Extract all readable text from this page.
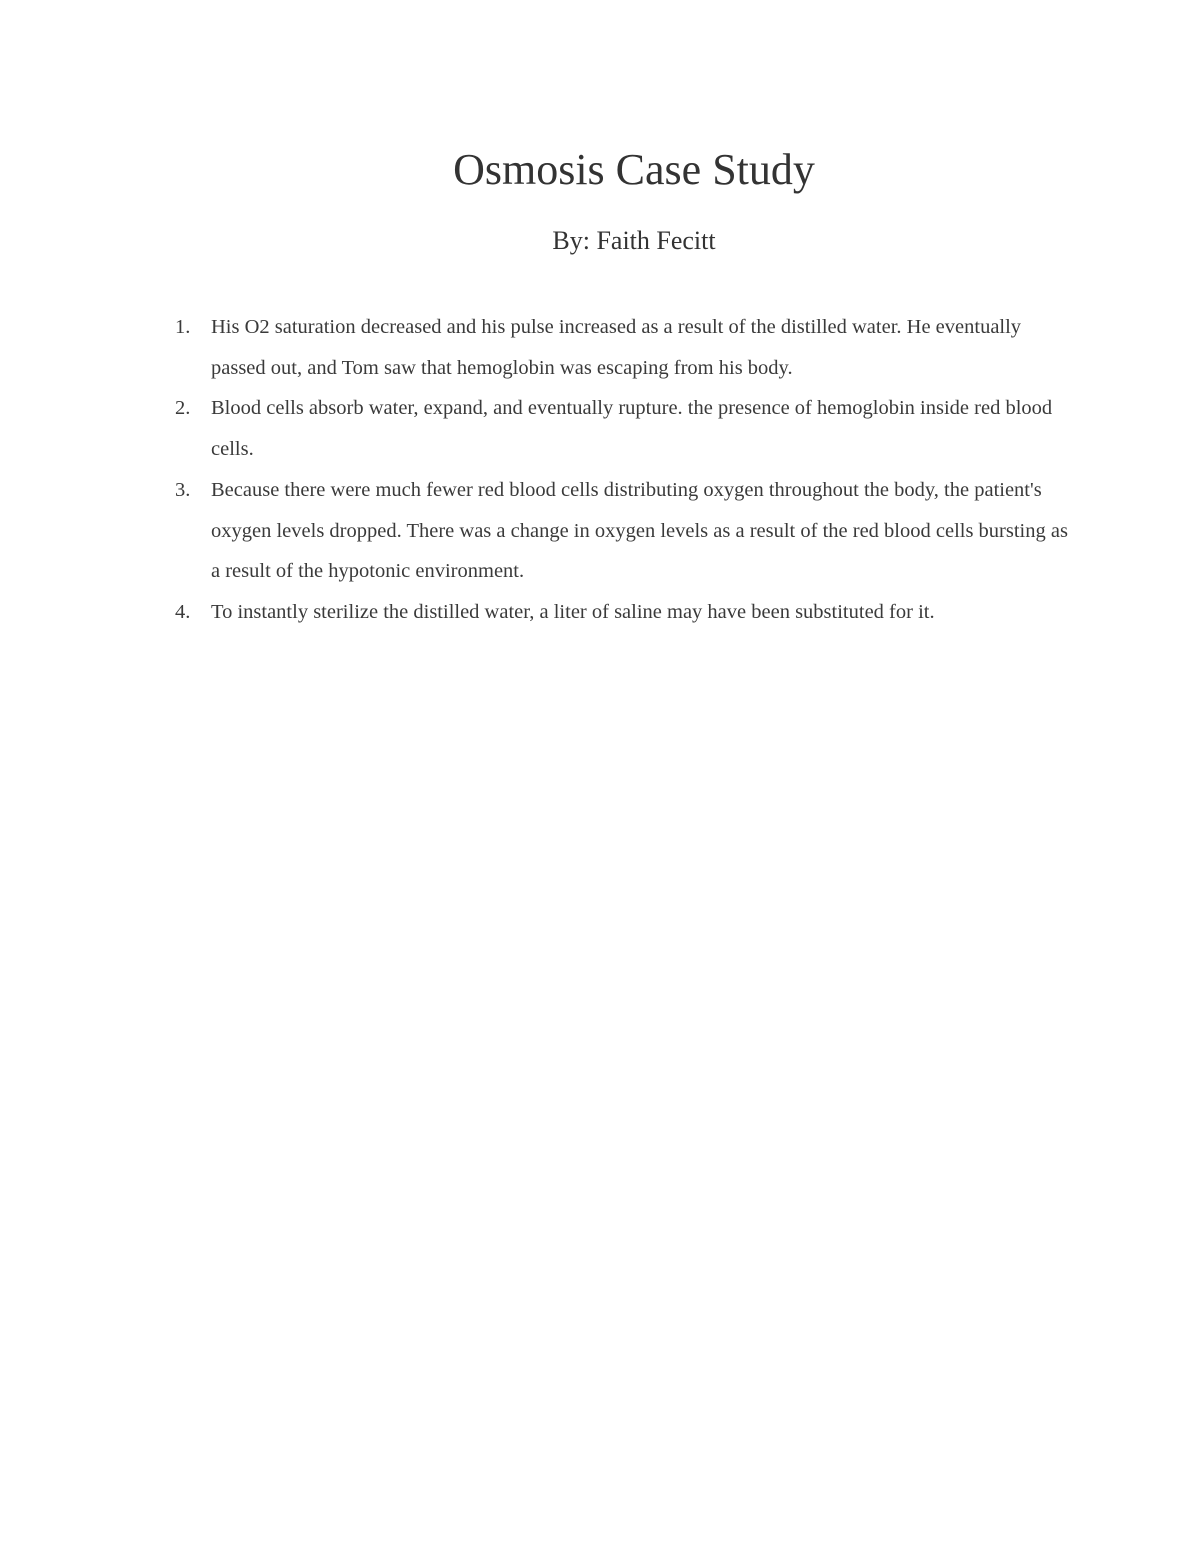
Osmosis Case Study
By: Faith Fecitt
1. His O2 saturation decreased and his pulse increased as a result of the distilled water. He eventually passed out, and Tom saw that hemoglobin was escaping from his body.
2. Blood cells absorb water, expand, and eventually rupture. the presence of hemoglobin inside red blood cells.
3. Because there were much fewer red blood cells distributing oxygen throughout the body, the patient's oxygen levels dropped. There was a change in oxygen levels as a result of the red blood cells bursting as a result of the hypotonic environment.
4. To instantly sterilize the distilled water, a liter of saline may have been substituted for it.
